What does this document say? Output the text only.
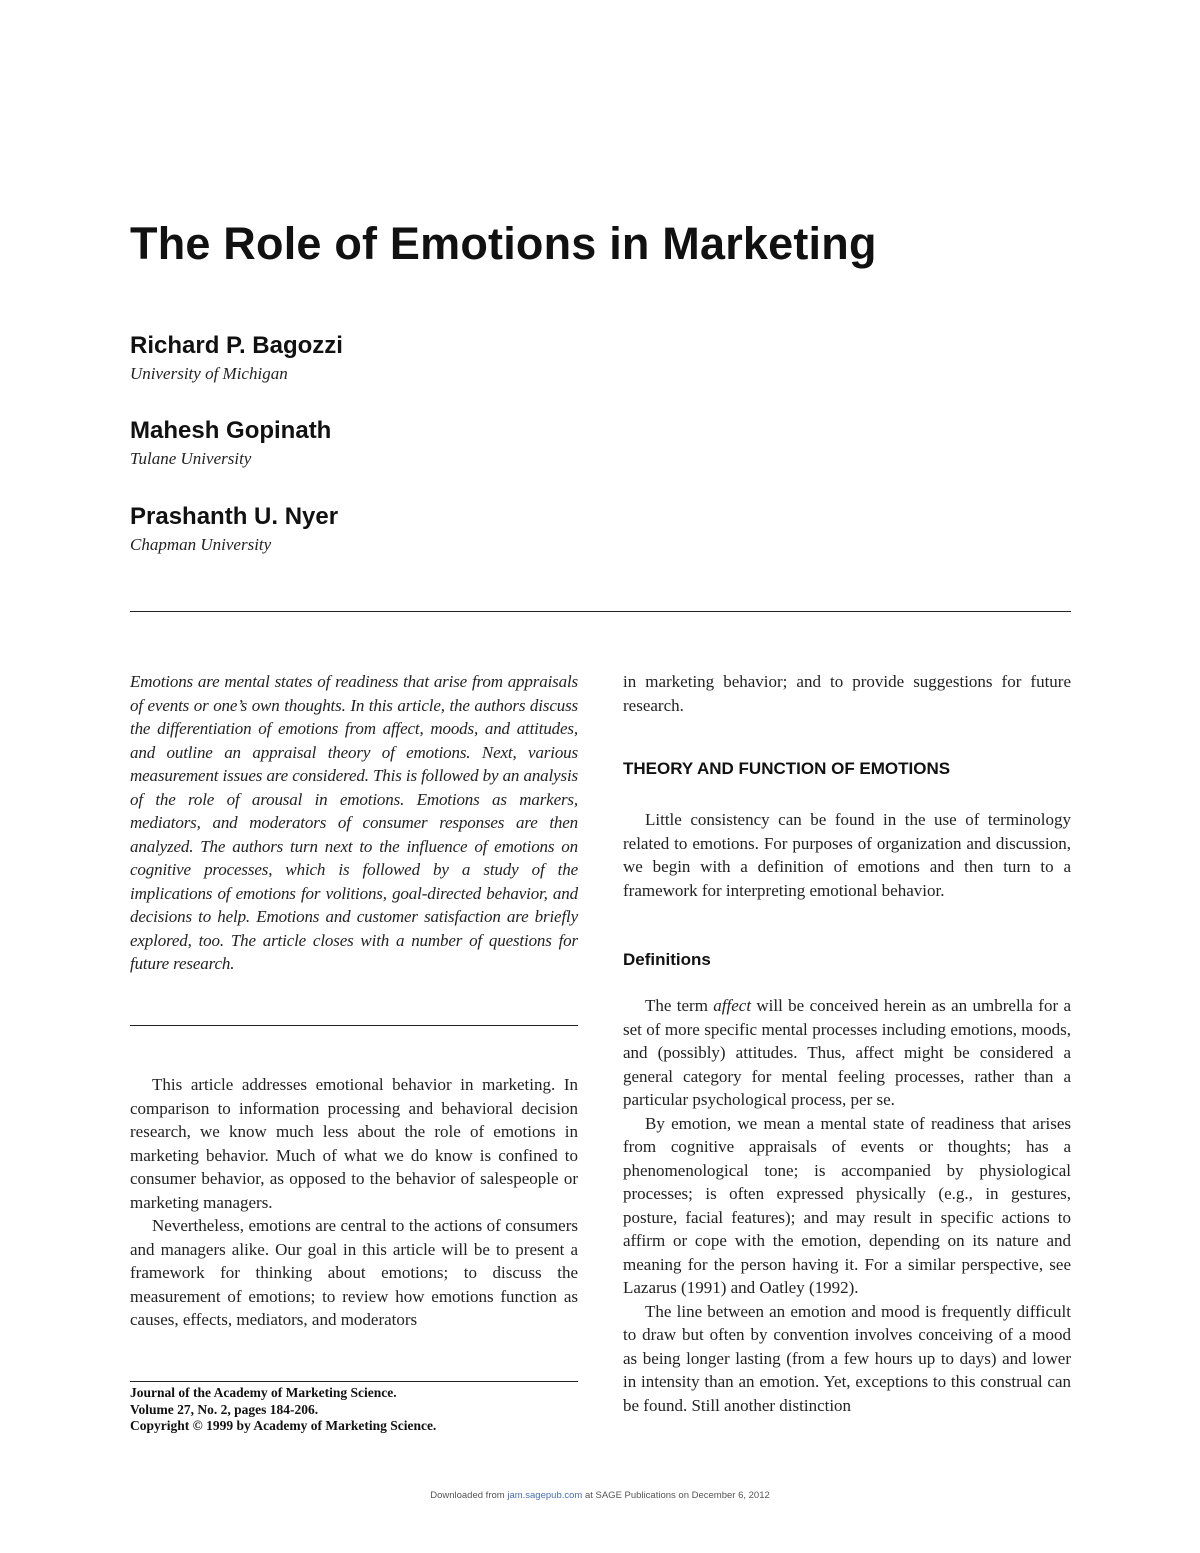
The Role of Emotions in Marketing
Richard P. Bagozzi
University of Michigan
Mahesh Gopinath
Tulane University
Prashanth U. Nyer
Chapman University

Emotions are mental states of readiness that arise from appraisals of events or one’s own thoughts. In this article, the authors discuss the differentiation of emotions from affect, moods, and attitudes, and outline an appraisal theory of emotions. Next, various measurement issues are considered. This is followed by an analysis of the role of arousal in emotions. Emotions as markers, mediators, and moderators of consumer responses are then analyzed. The authors turn next to the influence of emotions on cognitive processes, which is followed by a study of the implications of emotions for volitions, goal-directed behavior, and decisions to help. Emotions and customer satisfaction are briefly explored, too. The article closes with a number of questions for future research.

This article addresses emotional behavior in marketing. In comparison to information processing and behavioral decision research, we know much less about the role of emotions in marketing behavior. Much of what we do know is confined to consumer behavior, as opposed to the behavior of salespeople or marketing managers.

Nevertheless, emotions are central to the actions of consumers and managers alike. Our goal in this article will be to present a framework for thinking about emotions; to discuss the measurement of emotions; to review how emotions function as causes, effects, mediators, and moderators

Journal of the Academy of Marketing Science.
Volume 27, No. 2, pages 184-206.
Copyright © 1999 by Academy of Marketing Science.

in marketing behavior; and to provide suggestions for future research.

THEORY AND FUNCTION OF EMOTIONS

Little consistency can be found in the use of terminology related to emotions. For purposes of organization and discussion, we begin with a definition of emotions and then turn to a framework for interpreting emotional behavior.

Definitions

The term affect will be conceived herein as an umbrella for a set of more specific mental processes including emotions, moods, and (possibly) attitudes. Thus, affect might be considered a general category for mental feeling processes, rather than a particular psychological process, per se.

By emotion, we mean a mental state of readiness that arises from cognitive appraisals of events or thoughts; has a phenomenological tone; is accompanied by physiological processes; is often expressed physically (e.g., in gestures, posture, facial features); and may result in specific actions to affirm or cope with the emotion, depending on its nature and meaning for the person having it. For a similar perspective, see Lazarus (1991) and Oatley (1992).

The line between an emotion and mood is frequently difficult to draw but often by convention involves conceiving of a mood as being longer lasting (from a few hours up to days) and lower in intensity than an emotion. Yet, exceptions to this construal can be found. Still another distinction

Downloaded from jam.sagepub.com at SAGE Publications on December 6, 2012
